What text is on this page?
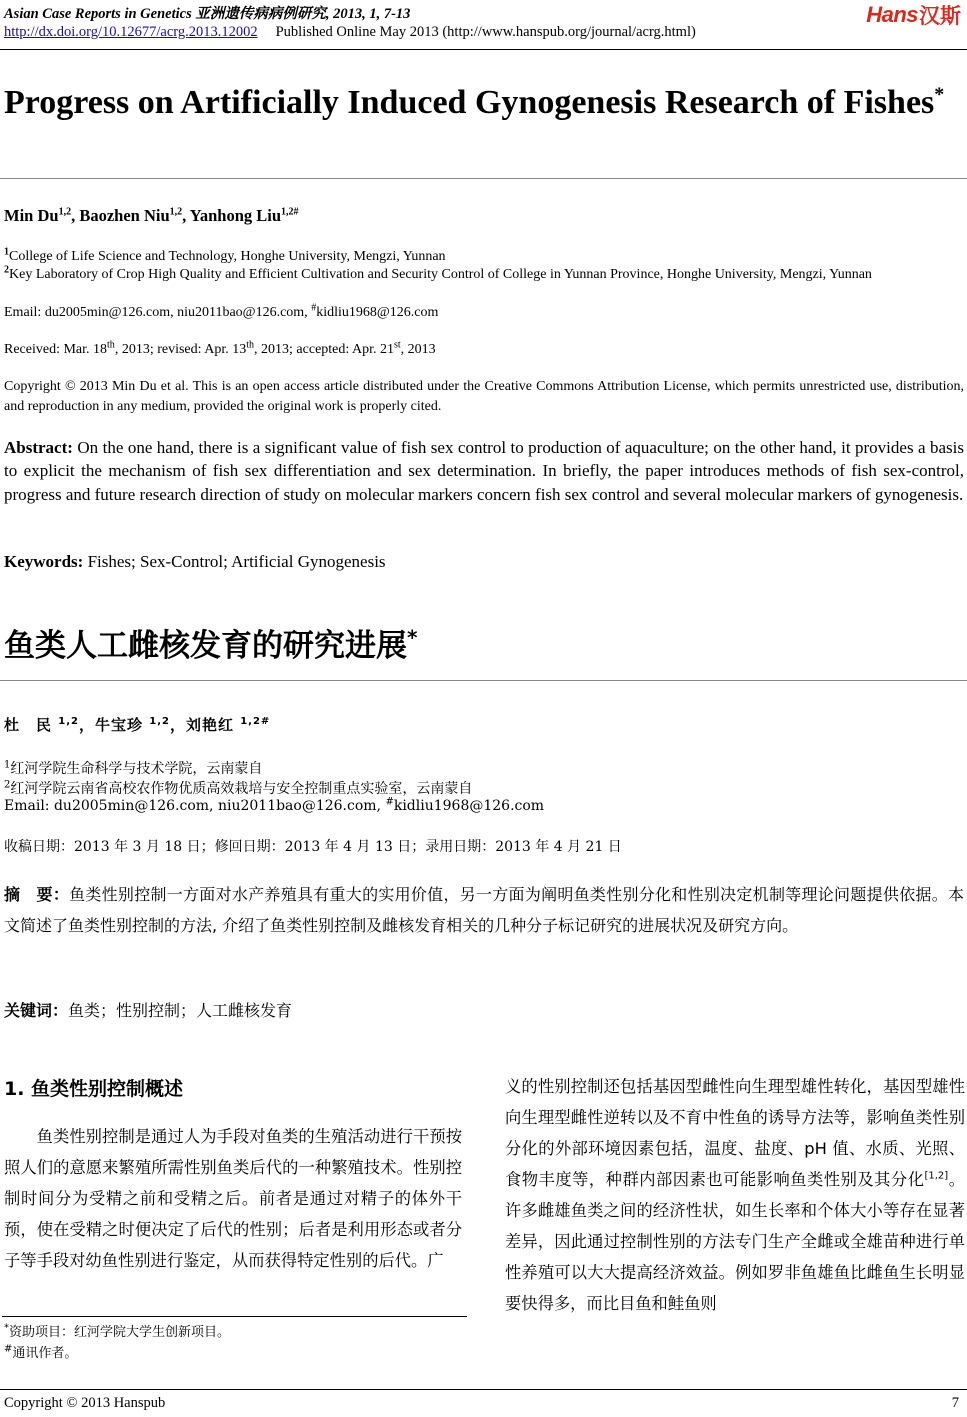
Asian Case Reports in Genetics 亚洲遗传病病例研究, 2013, 1, 7-13
http://dx.doi.org/10.12677/acrg.2013.12002 Published Online May 2013 (http://www.hanspub.org/journal/acrg.html)
Hans 汉斯
Progress on Artificially Induced Gynogenesis Research of Fishes*
Min Du$^{1,2}$, Baozhen Niu$^{1,2}$, Yanhong Liu$^{1,2\#}$
$^1$College of Life Science and Technology, Honghe University, Mengzi, Yunnan
$^2$Key Laboratory of Crop High Quality and Efficient Cultivation and Security Control of College in Yunnan Province, Honghe University, Mengzi, Yunnan
Email: du2005min@126.com, niu2011bao@126.com, #kidliu1968@126.com
Received: Mar. 18th, 2013; revised: Apr. 13th, 2013; accepted: Apr. 21st, 2013
Copyright © 2013 Min Du et al. This is an open access article distributed under the Creative Commons Attribution License, which permits unrestricted use, distribution, and reproduction in any medium, provided the original work is properly cited.
Abstract: On the one hand, there is a significant value of fish sex control to production of aquaculture; on the other hand, it provides a basis to explicit the mechanism of fish sex differentiation and sex determination. In briefly, the paper introduces methods of fish sex-control, progress and future research direction of study on molecular markers concern fish sex control and several molecular markers of gynogenesis.
Keywords: Fishes; Sex-Control; Artificial Gynogenesis
鱼类人工雌核发育的研究进展*
杜　民 $^{1,2}$，牛宝珍 $^{1,2}$，刘艳红 $^{1,2\#}$
$^1$红河学院生命科学与技术学院，云南蒙自
$^2$红河学院云南省高校农作物优质高效栽培与安全控制重点实验室，云南蒙自
Email: du2005min@126.com, niu2011bao@126.com, #kidliu1968@126.com
收稿日期：2013 年 3 月 18 日；修回日期：2013 年 4 月 13 日；录用日期：2013 年 4 月 21 日
摘　要：鱼类性别控制一方面对水产养殖具有重大的实用价值，另一方面为阐明鱼类性别分化和性别决定机制等理论问题提供依据。本文简述了鱼类性别控制的方法, 介绍了鱼类性别控制及雌核发育相关的几种分子标记研究的进展状况及研究方向。
关键词：鱼类；性别控制；人工雌核发育
1. 鱼类性别控制概述
鱼类性别控制是通过人为手段对鱼类的生殖活动进行干预按照人们的意愿来繁殖所需性别鱼类后代的一种繁殖技术。性别控制时间分为受精之前和受精之后。前者是通过对精子的体外干预，使在受精之时便决定了后代的性别；后者是利用形态或者分子等手段对幼鱼性别进行鉴定，从而获得特定性别的后代。广
义的性别控制还包括基因型雌性向生理型雄性转化，基因型雄性向生理型雌性逆转以及不育中性鱼的诱导方法等，影响鱼类性别分化的外部环境因素包括，温度、盐度、pH 值、水质、光照、食物丰度等，种群内部因素也可能影响鱼类性别及其分化[1,2]。许多雌雄鱼类之间的经济性状，如生长率和个体大小等存在显著差异，因此通过控制性别的方法专门生产全雌或全雄苗种进行单性养殖可以大大提高经济效益。例如罗非鱼雄鱼比雌鱼生长明显要快得多，而比目鱼和鲑鱼则
*资助项目：红河学院大学生创新项目。
#通讯作者。
Copyright © 2013 Hanspub	7
